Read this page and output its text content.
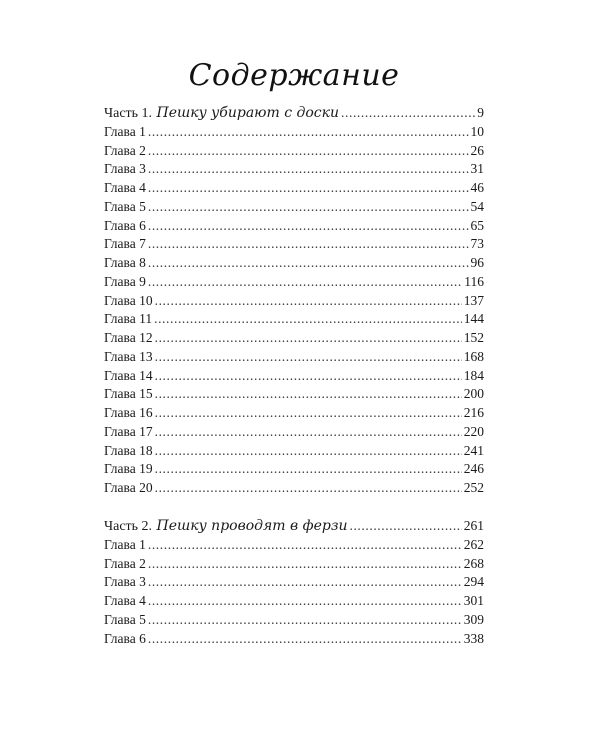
Содержание
Часть 1. Пешку убирают с доски .....	9
Глава 1 .....	10
Глава 2 .....	26
Глава 3 .....	31
Глава 4 .....	46
Глава 5 .....	54
Глава 6 .....	65
Глава 7 .....	73
Глава 8 .....	96
Глава 9 .....	116
Глава 10 .....	137
Глава 11 .....	144
Глава 12 .....	152
Глава 13 .....	168
Глава 14 .....	184
Глава 15 .....	200
Глава 16 .....	216
Глава 17 .....	220
Глава 18 .....	241
Глава 19 .....	246
Глава 20 .....	252
Часть 2. Пешку проводят в ферзи .....	261
Глава 1 .....	262
Глава 2 .....	268
Глава 3 .....	294
Глава 4 .....	301
Глава 5 .....	309
Глава 6 .....	338
